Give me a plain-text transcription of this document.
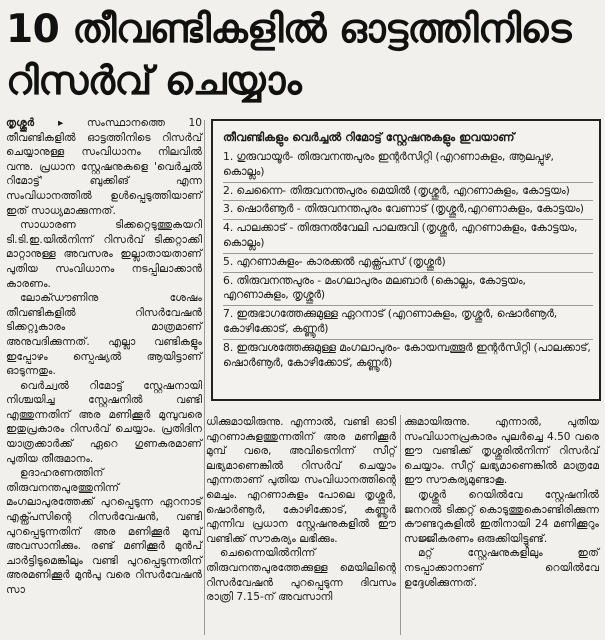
10 തീവണ്ടികളിൽ ഓട്ടത്തിനിടെ
റിസർവ് ചെയ്യാം

തൃശ്ശൂർ ▸ സംസ്ഥാനത്തെ 10 തീവണ്ടികളിൽ ഓട്ടത്തിനിടെ റിസർവ് ചെയ്യാനുള്ള സംവിധാനം നിലവിൽ വന്നു. പ്രധാന സ്റ്റേഷനുകളെ 'വെർച്ചൽ റിമോട്ട്' ബുക്കിങ് എന്ന സംവിധാനത്തിൽ ഉൾപ്പെടുത്തിയാണ് ഇത് സാധ്യമാക്കുന്നത്.

സാധാരണ ടിക്കറ്റെടുത്തുകയറി ടി.ടി.ഇ.യിൽനിന്ന് റിസർവ് ടിക്കറ്റാക്കി മാറ്റാനുള്ള അവസരം ഇല്ലാതായതാണ് പുതിയ സംവിധാനം നടപ്പിലാക്കാൻ കാരണം.

ലോക്ഡൗണിനു ശേഷം തീവണ്ടികളിൽ റിസർവേഷൻ ടിക്കറ്റുകാരം മാത്രമാണ് അനുവദിക്കുന്നത്. എല്ലാ വണ്ടികളും ഇപ്പോഴം സ്പെഷ്യൽ ആയിട്ടാണ് ഓടുന്നതും.

വെർച്വൽ റിമോട്ട് സ്റ്റേഷനായി നിശ്ചയിച്ച സ്റ്റേഷനിൽ വണ്ടി എത്തുന്നതിന് അര മണിക്കൂർ മുമ്പുവരെ ഇതുപ്രകാരം റിസർവ് ചെയ്യാം. പ്രതിദിന യാത്രക്കാർക്ക് ഏറെ ഗുണകരമാണ് പുതിയ തീരുമാനം.

ഉദാഹരണത്തിന് തിരുവനന്തപുരത്തുനിന്ന് മംഗലാപുരത്തേക്ക് പുറപ്പെടുന്ന ഏറനാട് എക്സ്പ്രസിന്റെ റിസർവേഷൻ, വണ്ടി പുറപ്പെടുന്നതിന് അര മണിക്കൂർ മുമ്പ് അവസാനിക്കും. രണ്ട് മണിക്കൂർ മുൻപ് ചാർട്ടിടുമെങ്കിലും വണ്ടി പുറപ്പെടുന്നതിന് അരമണിക്കൂർ മുൻപു വരെ റിസർവേഷൻ സാ

തീവണ്ടികളും വെർച്ചൽ റിമോട്ട് സ്റ്റേഷനുകളും ഇവയാണ്
1. ഗുരുവായൂർ- തിരുവനന്തപുരം ഇന്റർസിറ്റി (എറണാകുളം, ആലപ്പുഴ, കൊല്ലം)
2. ചെന്നൈ- തിരുവനന്തപുരം മെയിൽ (തൃശ്ശൂർ, എറണാകുളം, കോട്ടയം)
3. ഷൊർണൂർ - തിരുവനന്തപുരം വേണാട് (തൃശ്ശൂർ,എറണാകുളം, കോട്ടയം)
4. പാലക്കാട് - തിരുനൽവേലി പാലരുവി (തൃശ്ശൂർ, എറണാകുളം, കോട്ടയം, കൊല്ലം)
5. എറണാകുളം- കാരക്കൽ എക്സ്പ്രസ് (തൃശ്ശൂർ)
6. തിരുവനന്തപുരം - മംഗലാപുരം മലബാർ (കൊല്ലം, കോട്ടയം, എറണാകുളം, തൃശ്ശൂർ)
7. ഇരുഭാഗത്തേക്കുമുള്ള ഏറനാട് (എറണാകുളം, തൃശ്ശൂർ, ഷൊർണൂർ, കോഴിക്കോട്, കണ്ണൂർ)
8. ഇരുവശത്തേക്കുമുള്ള മംഗലാപുരം- കോയമ്പത്തൂർ ഇന്റർസിറ്റി (പാലക്കാട്, ഷൊർണൂർ, കോഴിക്കോട്, കണ്ണൂർ)

ധിക്കുമായിരുന്നു. എന്നാൽ, വണ്ടി ഓടി എറണാകുളത്തുന്നതിന് അര മണിക്കൂർ മുമ്പ് വരെ, അവിടെനിന്ന് സീറ്റ് ലഭ്യമാണെങ്കിൽ റിസർവ് ചെയ്യാം എന്നതാണ് പുതിയ സംവിധാനത്തിന്റെ മെച്ചം. എറണാകുളം പോലെ തൃശ്ശൂർ, ഷൊർണൂർ, കോഴിക്കോട്, കണ്ണൂർ എന്നിവ പ്രധാന സ്റ്റേഷനുകളിൽ ഈ വണ്ടിക്ക് സൗകര്യം ലഭിക്കും.

ചെന്നൈയിൽനിന്ന് തിരുവനന്തപുരത്തേക്കുള്ള മെയിലിന്റെ റിസർവേഷൻ പുറപ്പെടുന്ന ദിവസം രാത്രി 7.15-ന് അവസാനി

ക്കുമായിരുന്നു. എന്നാൽ, പുതിയ സംവിധാനപ്രകാരം പുലർച്ചെ 4.50 വരെ ഈ വണ്ടിക്ക് തൃശ്ശൂരിൽനിന്ന് റിസർവ് ചെയ്യാം. സീറ്റ് ലഭ്യമാണെങ്കിൽ മാത്രമേ ഈ സൗകര്യമുണ്ടാകൂ.

തൃശ്ശൂർ റെയിൽവേ സ്റ്റേഷനിൽ ജനറൽ ടിക്കറ്റ് കൊടുത്തുകൊണ്ടിരിക്കുന്ന കൗണ്ടറുകളിൽ ഇതിനായി 24 മണിക്കൂറും സജ്ജീകരണം ഒരുക്കിയിട്ടുണ്ട്.

മറ്റ് സ്റ്റേഷനുകളിലും ഇത് നടപ്പാക്കാനാണ് റെയിൽവേ ഉദ്ദേശിക്കുന്നത്.
